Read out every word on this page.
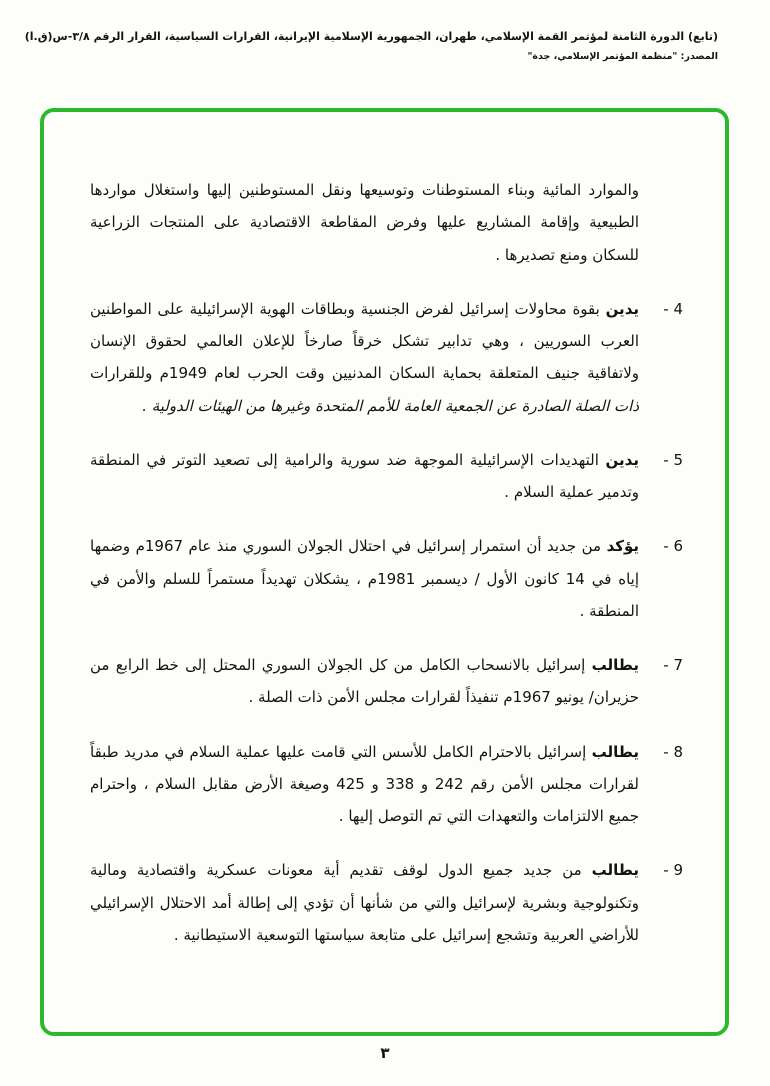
(تابع) الدورة الثامنة لمؤتمر القمة الإسلامي، طهران، الجمهورية الإسلامية الإيرانية، القرارات السياسية، القرار الرقم ٣/٨-س(ق.ا)
المصدر: "منظمة المؤتمر الإسلامي، جدة"

والموارد المائية وبناء المستوطنات وتوسيعها ونقل المستوطنين إليها واستغلال مواردها الطبيعية وإقامة المشاريع عليها وفرض المقاطعة الاقتصادية على المنتجات الزراعية للسكان ومنع تصديرها .

4 -

يدين بقوة محاولات إسرائيل لفرض الجنسية وبطاقات الهوية الإسرائيلية على المواطنين العرب السوريين ، وهي تدابير تشكل خرقاً صارخاً للإعلان العالمي لحقوق الإنسان ولاتفاقية جنيف المتعلقة بحماية السكان المدنيين وقت الحرب لعام 1949م وللقرارات ذات الصلة الصادرة عن الجمعية العامة للأمم المتحدة وغيرها من الهيئات الدولية .

5 -

يدين التهديدات الإسرائيلية الموجهة ضد سورية والرامية إلى تصعيد التوتر في المنطقة وتدمير عملية السلام .

6 -

يؤكد من جديد أن استمرار إسرائيل في احتلال الجولان السوري منذ عام 1967م وضمها إياه في 14 كانون الأول / ديسمبر 1981م ، يشكلان تهديداً مستمراً للسلم والأمن في المنطقة .

7 -

يطالب إسرائيل بالانسحاب الكامل من كل الجولان السوري المحتل إلى خط الرابع من حزيران/ يونيو 1967م تنفيذاً لقرارات مجلس الأمن ذات الصلة .

8 -

يطالب إسرائيل بالاحترام الكامل للأسس التي قامت عليها عملية السلام في مدريد طبقاً لقرارات مجلس الأمن رقم 242 و 338 و 425 وصيغة الأرض مقابل السلام ، واحترام جميع الالتزامات والتعهدات التي تم التوصل إليها .

9 -

يطالب من جديد جميع الدول لوقف تقديم أية معونات عسكرية واقتصادية ومالية وتكنولوجية وبشرية لإسرائيل والتي من شأنها أن تؤدي إلى إطالة أمد الاحتلال الإسرائيلي للأراضي العربية وتشجع إسرائيل على متابعة سياستها التوسعية الاستيطانية .

٣
